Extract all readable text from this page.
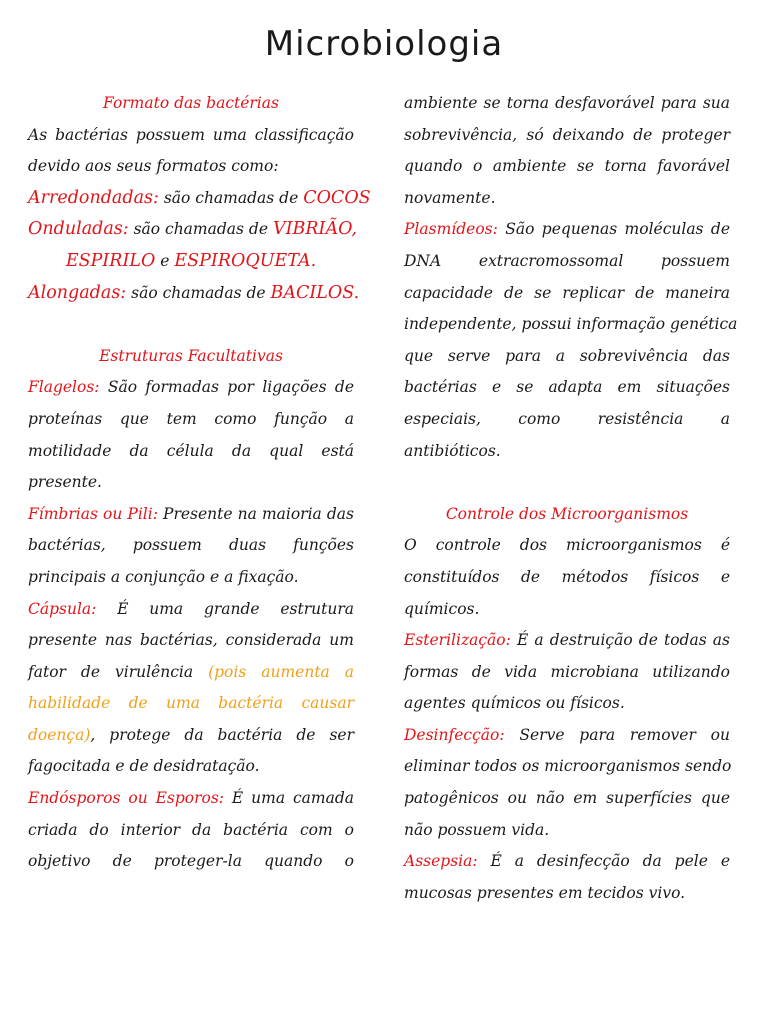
Microbiologia
Formato das bactérias
As bactérias possuem uma classificação
devido aos seus formatos como:
Arredondadas: são chamadas de COCOS
Onduladas: são chamadas de VIBRIÃO,
ESPIRILO e ESPIROQUETA.
Alongadas: são chamadas de BACILOS.
Estruturas Facultativas
Flagelos: São formadas por ligações de
proteínas que tem como função a
motilidade da célula da qual está
presente.
Fímbrias ou Pili: Presente na maioria das
bactérias, possuem duas funções
principais a conjunção e a fixação.
Cápsula: É uma grande estrutura
presente nas bactérias, considerada um
fator de virulência (pois aumenta a
habilidade de uma bactéria causar
doença), protege da bactéria de ser
fagocitada e de desidratação.
Endósporos ou Esporos: É uma camada
criada do interior da bactéria com o
objetivo de proteger-la quando o
ambiente se torna desfavorável para sua
sobrevivência, só deixando de proteger
quando o ambiente se torna favorável
novamente.
Plasmídeos: São pequenas moléculas de
DNA extracromossomal possuem
capacidade de se replicar de maneira
independente, possui informação genética
que serve para a sobrevivência das
bactérias e se adapta em situações
especiais, como resistência a
antibióticos.
Controle dos Microorganismos
O controle dos microorganismos é
constituídos de métodos físicos e
químicos.
Esterilização: É a destruição de todas as
formas de vida microbiana utilizando
agentes químicos ou físicos.
Desinfecção: Serve para remover ou
eliminar todos os microorganismos sendo
patogênicos ou não em superfícies que
não possuem vida.
Assepsia: É a desinfecção da pele e
mucosas presentes em tecidos vivo.
